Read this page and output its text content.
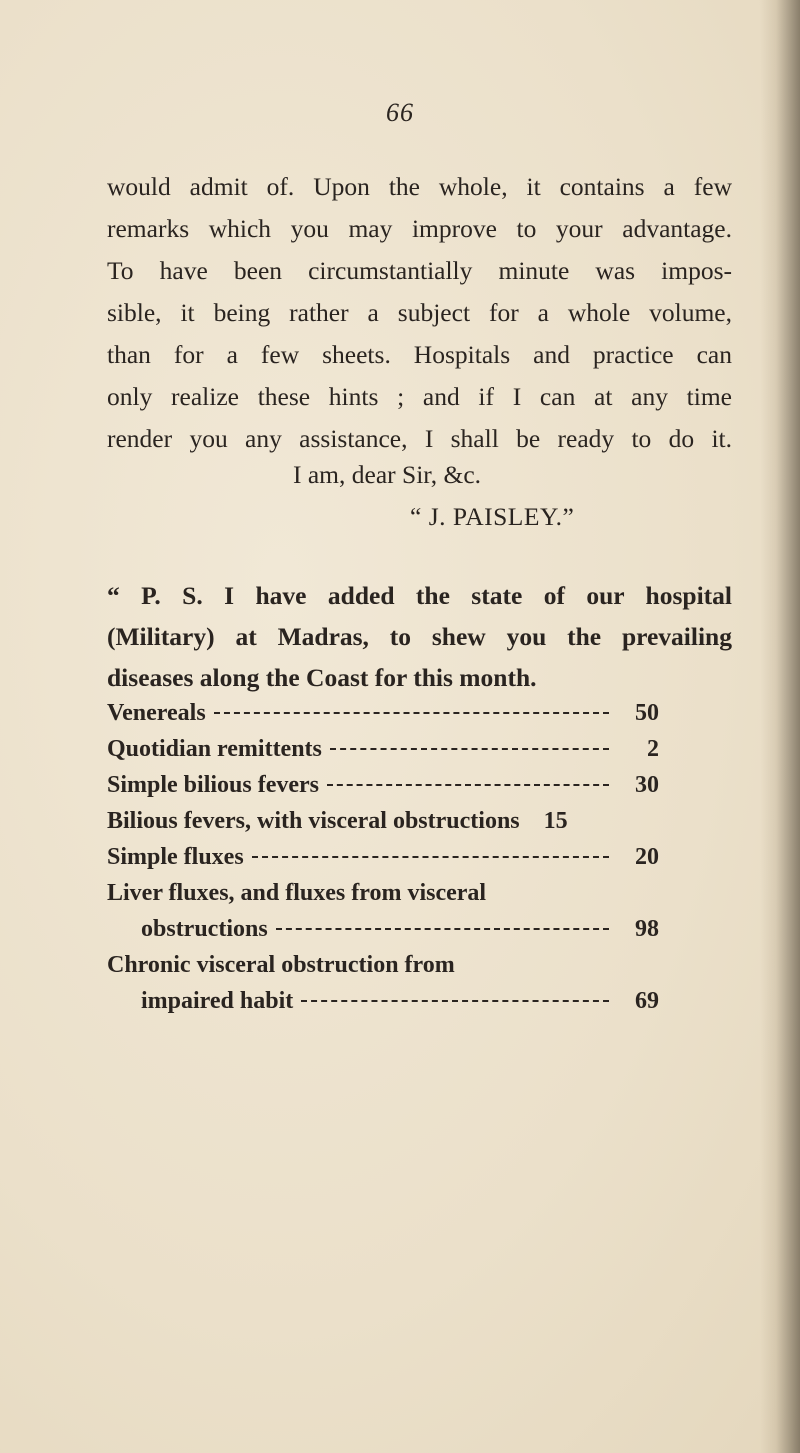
66
would admit of. Upon the whole, it contains a few
remarks which you may improve to your advantage.
To have been circumstantially minute was impos-
sible, it being rather a subject for a whole volume,
than for a few sheets. Hospitals and practice can
only realize these hints ; and if I can at any time
render you any assistance, I shall be ready to do it.
I am, dear Sir, &c.
“ J. PAISLEY.”
“ P. S. I have added the state of our hospital
(Military) at Madras, to shew you the prevailing
diseases along the Coast for this month.
Venereals	50
Quotidian remittents	2
Simple bilious fevers	30
Bilious fevers, with visceral obstructions	15
Simple fluxes	20
Liver fluxes, and fluxes from visceral
obstructions	98
Chronic visceral obstruction from
impaired habit	69
